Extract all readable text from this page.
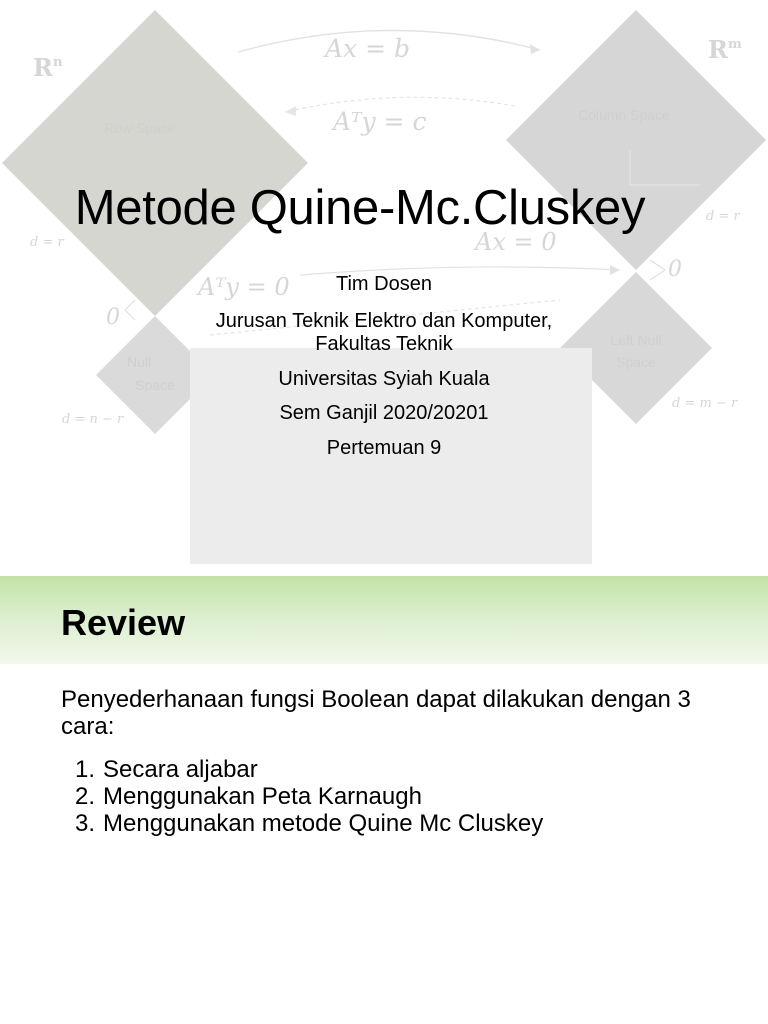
$R^n$	$R^m$
Ax = b
Aᵀy = c
Ax = 0
Aᵀy = 0
Row Space
Column Space
Null
Space
Left Null
Space
d = r
d = r
d = n − r
d = m − r
0
0
Metode Quine-Mc.Cluskey
Tim Dosen
Jurusan Teknik Elektro dan Komputer,
Fakultas Teknik
Universitas Syiah Kuala
Sem Ganjil 2020/20201
Pertemuan 9
Review
Penyederhanaan fungsi Boolean dapat dilakukan dengan 3 cara:
1. Secara aljabar
2. Menggunakan Peta Karnaugh
3. Menggunakan metode Quine Mc Cluskey
